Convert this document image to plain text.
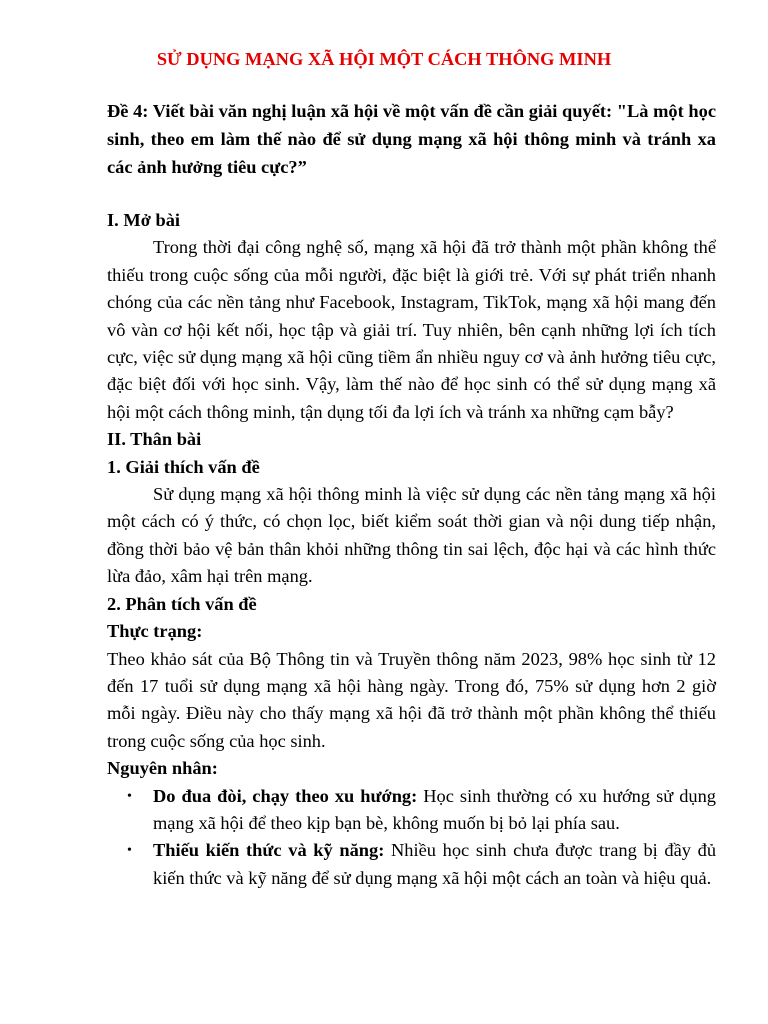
SỬ DỤNG MẠNG XÃ HỘI MỘT CÁCH THÔNG MINH
Đề 4: Viết bài văn nghị luận xã hội về một vấn đề cần giải quyết: "Là một học sinh, theo em làm thế nào để sử dụng mạng xã hội thông minh và tránh xa các ảnh hưởng tiêu cực?”
I. Mở bài

Trong thời đại công nghệ số, mạng xã hội đã trở thành một phần không thể thiếu trong cuộc sống của mỗi người, đặc biệt là giới trẻ. Với sự phát triển nhanh chóng của các nền tảng như Facebook, Instagram, TikTok, mạng xã hội mang đến vô vàn cơ hội kết nối, học tập và giải trí. Tuy nhiên, bên cạnh những lợi ích tích cực, việc sử dụng mạng xã hội cũng tiềm ẩn nhiều nguy cơ và ảnh hưởng tiêu cực, đặc biệt đối với học sinh. Vậy, làm thế nào để học sinh có thể sử dụng mạng xã hội một cách thông minh, tận dụng tối đa lợi ích và tránh xa những cạm bẫy?

II. Thân bài
1. Giải thích vấn đề

Sử dụng mạng xã hội thông minh là việc sử dụng các nền tảng mạng xã hội một cách có ý thức, có chọn lọc, biết kiểm soát thời gian và nội dung tiếp nhận, đồng thời bảo vệ bản thân khỏi những thông tin sai lệch, độc hại và các hình thức lừa đảo, xâm hại trên mạng.

2. Phân tích vấn đề
Thực trạng:

Theo khảo sát của Bộ Thông tin và Truyền thông năm 2023, 98% học sinh từ 12 đến 17 tuổi sử dụng mạng xã hội hàng ngày. Trong đó, 75% sử dụng hơn 2 giờ mỗi ngày. Điều này cho thấy mạng xã hội đã trở thành một phần không thể thiếu trong cuộc sống của học sinh.

Nguyên nhân:
• Do đua đòi, chạy theo xu hướng: Học sinh thường có xu hướng sử dụng mạng xã hội để theo kịp bạn bè, không muốn bị bỏ lại phía sau.
• Thiếu kiến thức và kỹ năng: Nhiều học sinh chưa được trang bị đầy đủ kiến thức và kỹ năng để sử dụng mạng xã hội một cách an toàn và hiệu quả.
